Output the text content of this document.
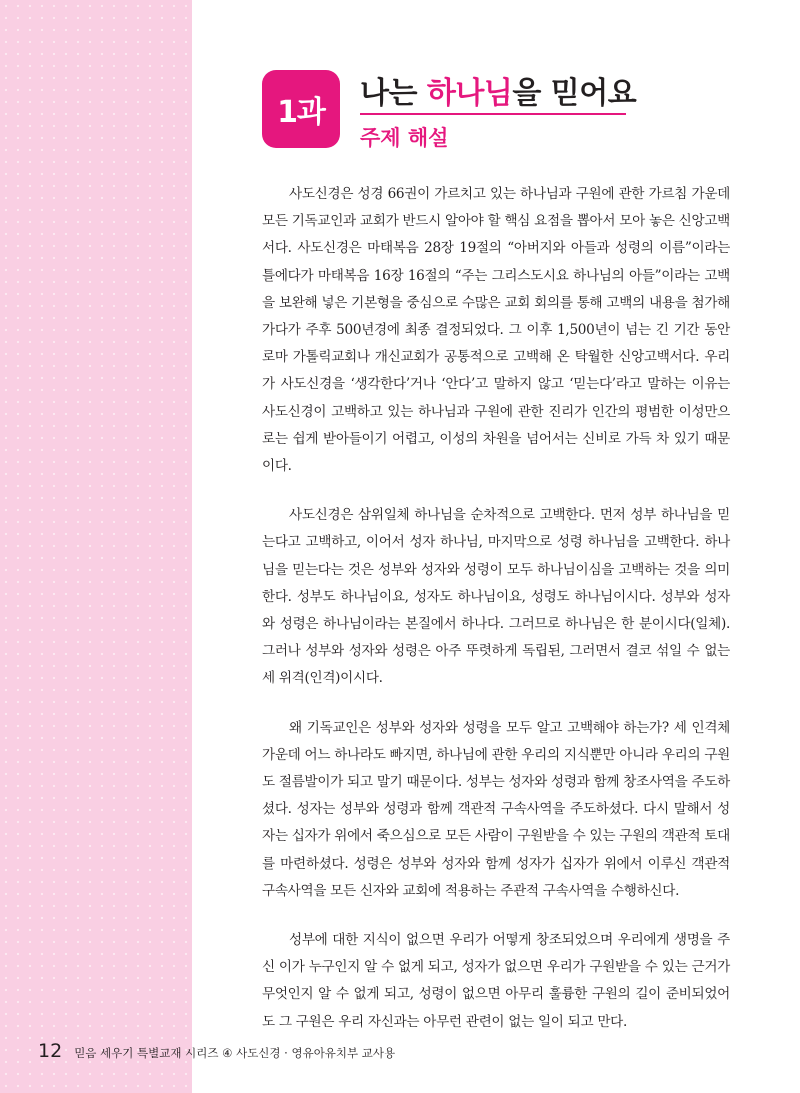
1과
나는 하나님을 믿어요
주제 해설

사도신경은 성경 66권이 가르치고 있는 하나님과 구원에 관한 가르침 가운데 모든 기독교인과 교회가 반드시 알아야 할 핵심 요점을 뽑아서 모아 놓은 신앙고백서다. 사도신경은 마태복음 28장 19절의 “아버지와 아들과 성령의 이름”이라는 틀에다가 마태복음 16장 16절의 “주는 그리스도시요 하나님의 아들”이라는 고백을 보완해 넣은 기본형을 중심으로 수많은 교회 회의를 통해 고백의 내용을 첨가해 가다가 주후 500년경에 최종 결정되었다. 그 이후 1,500년이 넘는 긴 기간 동안 로마 가톨릭교회나 개신교회가 공통적으로 고백해 온 탁월한 신앙고백서다. 우리가 사도신경을 ‘생각한다’거나 ‘안다’고 말하지 않고 ‘믿는다’라고 말하는 이유는 사도신경이 고백하고 있는 하나님과 구원에 관한 진리가 인간의 평범한 이성만으로는 쉽게 받아들이기 어렵고, 이성의 차원을 넘어서는 신비로 가득 차 있기 때문이다.

사도신경은 삼위일체 하나님을 순차적으로 고백한다. 먼저 성부 하나님을 믿는다고 고백하고, 이어서 성자 하나님, 마지막으로 성령 하나님을 고백한다. 하나님을 믿는다는 것은 성부와 성자와 성령이 모두 하나님이심을 고백하는 것을 의미한다. 성부도 하나님이요, 성자도 하나님이요, 성령도 하나님이시다. 성부와 성자와 성령은 하나님이라는 본질에서 하나다. 그러므로 하나님은 한 분이시다(일체). 그러나 성부와 성자와 성령은 아주 뚜렷하게 독립된, 그러면서 결코 섞일 수 없는 세 위격(인격)이시다.

왜 기독교인은 성부와 성자와 성령을 모두 알고 고백해야 하는가? 세 인격체 가운데 어느 하나라도 빠지면, 하나님에 관한 우리의 지식뿐만 아니라 우리의 구원도 절름발이가 되고 말기 때문이다. 성부는 성자와 성령과 함께 창조사역을 주도하셨다. 성자는 성부와 성령과 함께 객관적 구속사역을 주도하셨다. 다시 말해서 성자는 십자가 위에서 죽으심으로 모든 사람이 구원받을 수 있는 구원의 객관적 토대를 마련하셨다. 성령은 성부와 성자와 함께 성자가 십자가 위에서 이루신 객관적 구속사역을 모든 신자와 교회에 적용하는 주관적 구속사역을 수행하신다.

성부에 대한 지식이 없으면 우리가 어떻게 창조되었으며 우리에게 생명을 주신 이가 누구인지 알 수 없게 되고, 성자가 없으면 우리가 구원받을 수 있는 근거가 무엇인지 알 수 없게 되고, 성령이 없으면 아무리 훌륭한 구원의 길이 준비되었어도 그 구원은 우리 자신과는 아무런 관련이 없는 일이 되고 만다.

12 믿음 세우기 특별교재 시리즈 ④ 사도신경 · 영유아유치부 교사용
